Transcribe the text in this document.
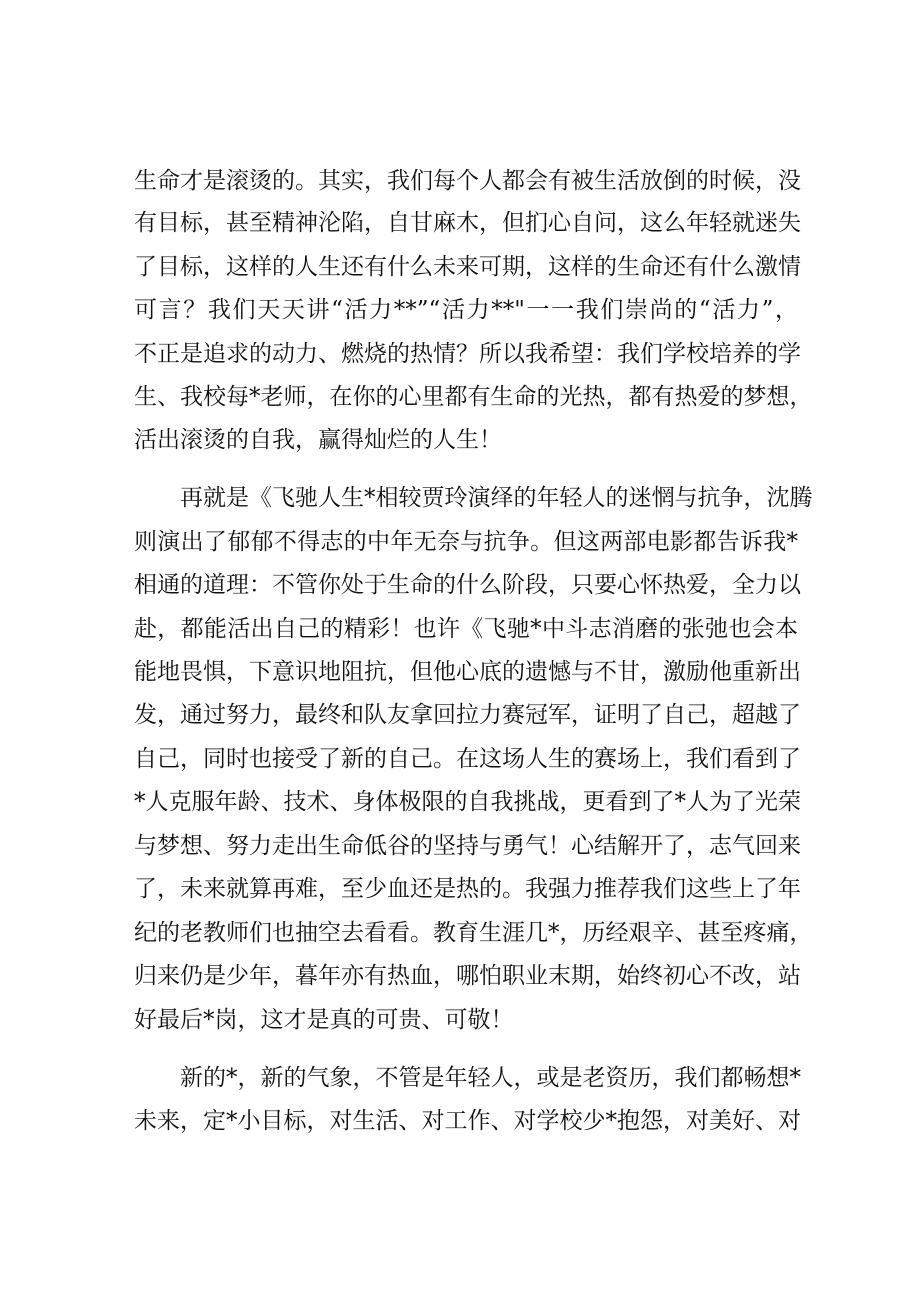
生命才是滚烫的。其实，我们每个人都会有被生活放倒的时候，没
有目标，甚至精神沦陷，自甘麻木，但扪心自问，这么年轻就迷失
了目标，这样的人生还有什么未来可期，这样的生命还有什么激情
可言？我们天天讲“活力**”“活力**"一一我们崇尚的“活力”，
不正是追求的动力、燃烧的热情？所以我希望：我们学校培养的学
生、我校每*老师，在你的心里都有生命的光热，都有热爱的梦想，
活出滚烫的自我，赢得灿烂的人生！
再就是《飞驰人生*相较贾玲演绎的年轻人的迷惘与抗争，沈腾
则演出了郁郁不得志的中年无奈与抗争。但这两部电影都告诉我*
相通的道理：不管你处于生命的什么阶段，只要心怀热爱，全力以
赴，都能活出自己的精彩！也许《飞驰*中斗志消磨的张弛也会本
能地畏惧，下意识地阻抗，但他心底的遗憾与不甘，激励他重新出
发，通过努力，最终和队友拿回拉力赛冠军，证明了自己，超越了
自己，同时也接受了新的自己。在这场人生的赛场上，我们看到了
*人克服年龄、技术、身体极限的自我挑战，更看到了*人为了光荣
与梦想、努力走出生命低谷的坚持与勇气！心结解开了，志气回来
了，未来就算再难，至少血还是热的。我强力推荐我们这些上了年
纪的老教师们也抽空去看看。教育生涯几*，历经艰辛、甚至疼痛，
归来仍是少年，暮年亦有热血，哪怕职业末期，始终初心不改，站
好最后*岗，这才是真的可贵、可敬！
新的*，新的气象，不管是年轻人，或是老资历，我们都畅想*
未来，定*小目标，对生活、对工作、对学校少*抱怨，对美好、对
